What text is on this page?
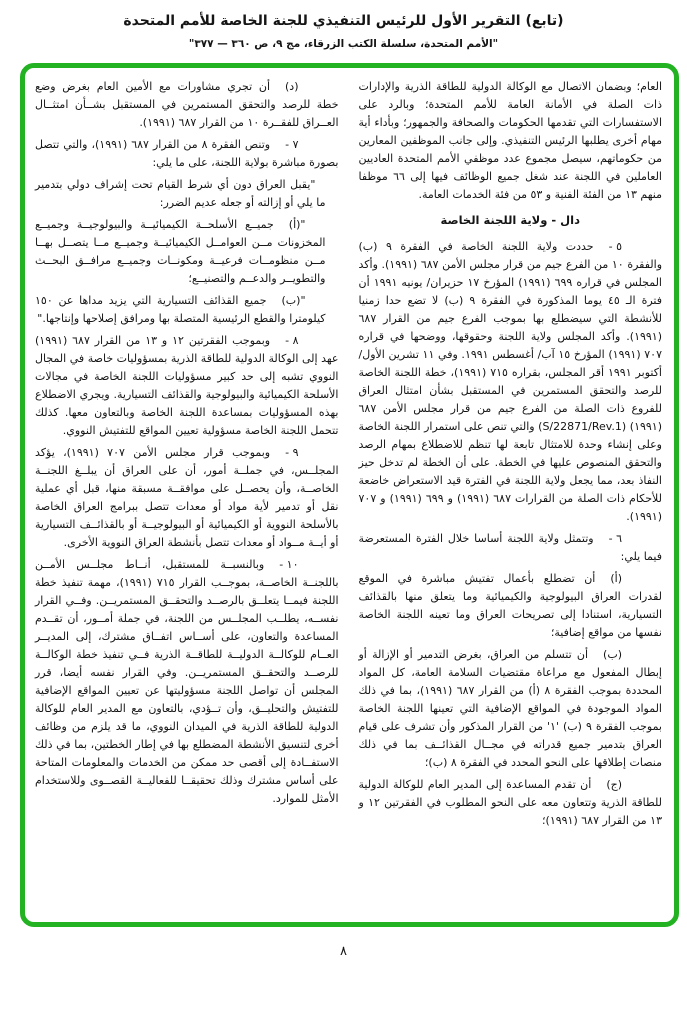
(تابع) التقرير الأول للرئيس التنفيذي للجنة الخاصة للأمم المتحدة
"الأمم المتحدة، سلسلة الكتب الزرقاء، مج ٩، ص ٣٦٠ — ٣٧٧"

العام؛ وبضمان الاتصال مع الوكالة الدولية للطاقة الذرية والإدارات ذات الصلة في الأمانة العامة للأمم المتحدة؛ وبالرد على الاستفسارات التي تقدمها الحكومات والصحافة والجمهور؛ وبأداء أية مهام أخرى يطلبها الرئيس التنفيذي. وإلى جانب الموظفين المعارين من حكوماتهم، سيصل مجموع عدد موظفي الأمم المتحدة العاديين العاملين في اللجنة عند شغل جميع الوظائف فيها إلى ٦٦ موظفا منهم ١٣ من الفئة الفنية و ٥٣ من فئة الخدمات العامة.

دال - ولاية اللجنة الخاصة

٥ -حددت ولاية اللجنة الخاصة في الفقرة ٩ (ب) والفقرة ١٠ من الفرع جيم من قرار مجلس الأمن ٦٨٧ (١٩٩١). وأكد المجلس في قراره ٦٩٩ (١٩٩١) المؤرخ ١٧ حزيران/ يونيه ١٩٩١ أن فترة الـ ٤٥ يوما المذكورة في الفقرة ٩ (ب) لا تضع حدا زمنيا للأنشطة التي سيضطلع بها بموجب الفرع جيم من القرار ٦٨٧ (١٩٩١). وأكد المجلس ولاية اللجنة وحقوقها، ووضحها في قراره ٧٠٧ (١٩٩١) المؤرخ ١٥ آب/ أغسطس ١٩٩١. وفي ١١ تشرين الأول/ أكتوبر ١٩٩١ أقر المجلس، بقراره ٧١٥ (١٩٩١)، خطة اللجنة الخاصة للرصد والتحقق المستمرين في المستقبل بشأن امتثال العراق للفروع ذات الصلة من الفرع جيم من قرار مجلس الأمن ٦٨٧ (١٩٩١) (S/22871/Rev.1) والتي تنص على استمرار اللجنة الخاصة وعلى إنشاء وحدة للامتثال تابعة لها تنظم للاضطلاع بمهام الرصد والتحقق المنصوص عليها في الخطة. على أن الخطة لم تدخل حيز النفاذ بعد، مما يجعل ولاية اللجنة في الفترة قيد الاستعراض خاضعة للأحكام ذات الصلة من القرارات ٦٨٧ (١٩٩١) و ٦٩٩ (١٩٩١) و ٧٠٧ (١٩٩١).

٦ -وتتمثل ولاية اللجنة أساسا خلال الفترة المستعرضة فيما يلي:

(أ)أن تضطلع بأعمال تفتيش مباشرة في الموقع لقدرات العراق البيولوجية والكيميائية وما يتعلق منها بالقذائف التسيارية، استنادا إلى تصريحات العراق وما تعينه اللجنة الخاصة نفسها من مواقع إضافية؛

(ب)أن تتسلم من العراق، بغرض التدمير أو الإزالة أو إبطال المفعول مع مراعاة مقتضيات السلامة العامة، كل المواد المحددة بموجب الفقرة ٨ (أ) من القرار ٦٨٧ (١٩٩١)، بما في ذلك المواد الموجودة في المواقع الإضافية التي تعينها اللجنة الخاصة بموجب الفقرة ٩ (ب) '١' من القرار المذكور وأن تشرف على قيام العراق بتدمير جميع قدراته في مجــال القذائــف بما في ذلك منصات إطلاقها على النحو المحدد في الفقرة ٨ (ب)؛

(ج)أن تقدم المساعدة إلى المدير العام للوكالة الدولية للطاقة الذرية وتتعاون معه على النحو المطلوب في الفقرتين ١٢ و ١٣ من القرار ٦٨٧ (١٩٩١)؛

(د)أن تجري مشاورات مع الأمين العام بغرض وضع خطة للرصد والتحقق المستمرين في المستقبل بشــأن امتثــال العــراق للفقــرة ١٠ من القرار ٦٨٧ (١٩٩١).

٧ -وتنص الفقرة ٨ من القرار ٦٨٧ (١٩٩١)، والتي تتصل بصورة مباشرة بولاية اللجنة، على ما يلي:

"يقبل العراق دون أي شرط القيام تحت إشراف دولي بتدمير ما يلي أو إزالته أو جعله عديم الضرر:

"(أ)جميــع الأسلحــة الكيميائيــة والبيولوجيــة وجميــع المخزونات مــن العوامــل الكيميائيــة وجميــع مــا يتصــل بهــا مــن منظومــات فرعيــة ومكونــات وجميــع مرافــق البحــث والتطويــر والدعــم والتصنيــع؛

"(ب)جميع القذائف التسيارية التي يزيد مداها عن ١٥٠ كيلومترا والقطع الرئيسية المتصلة بها ومرافق إصلاحها وإنتاجها."

٨ -وبموجب الفقرتين ١٢ و ١٣ من القرار ٦٨٧ (١٩٩١) عهد إلى الوكالة الدولية للطاقة الذرية بمسؤوليات خاصة في المجال النووي تشبه إلى حد كبير مسؤوليات اللجنة الخاصة في مجالات الأسلحة الكيميائية والبيولوجية والقذائف التسيارية. ويجري الاضطلاع بهذه المسؤوليات بمساعدة اللجنة الخاصة وبالتعاون معها. كذلك تتحمل اللجنة الخاصة مسؤولية تعيين المواقع للتفتيش النووي.

٩ -وبموجب قرار مجلس الأمن ٧٠٧ (١٩٩١)، يؤكد المجلــس، في جملــة أمور، أن على العراق أن يبلــغ اللجنــة الخاصــة، وأن يحصــل على موافقــة مسبقة منها، قبل أي عملية نقل أو تدمير لأية مواد أو معدات تتصل ببرامج العراق الخاصة بالأسلحة النووية أو الكيميائية أو البيولوجيــة أو بالقذائــف التسيارية أو أيــة مــواد أو معدات تتصل بأنشطة العراق النووية الأخرى.

١٠ -وبالنسبــة للمستقبل، أنــاط مجلــس الأمــن باللجنــة الخاصــة، بموجــب القرار ٧١٥ (١٩٩١)، مهمة تنفيذ خطة اللجنة فيمــا يتعلــق بالرصــد والتحقــق المستمريــن. وفــي القرار نفســه، يطلــب المجلــس من اللجنة، في جملة أمــور، أن تقــدم المساعدة والتعاون، على أســاس اتفــاق مشترك، إلى المديــر العــام للوكالــة الدوليــة للطاقــة الذرية فــي تنفيذ خطة الوكالــة للرصــد والتحقــق المستمريــن. وفي القرار نفسه أيضا، قرر المجلس أن تواصل اللجنة مسؤوليتها عن تعيين المواقع الإضافية للتفتيش والتحليــق، وأن تــؤدي، بالتعاون مع المدير العام للوكالة الدولية للطاقة الذرية في الميدان النووي، ما قد يلزم من وظائف أخرى لتنسيق الأنشطة المضطلع بها في إطار الخطتين، بما في ذلك الاستفــادة إلى أقصى حد ممكن من الخدمات والمعلومات المتاحة على أساس مشترك وذلك تحقيقــا للفعاليــة القصــوى وللاستخدام الأمثل للموارد.

٨
